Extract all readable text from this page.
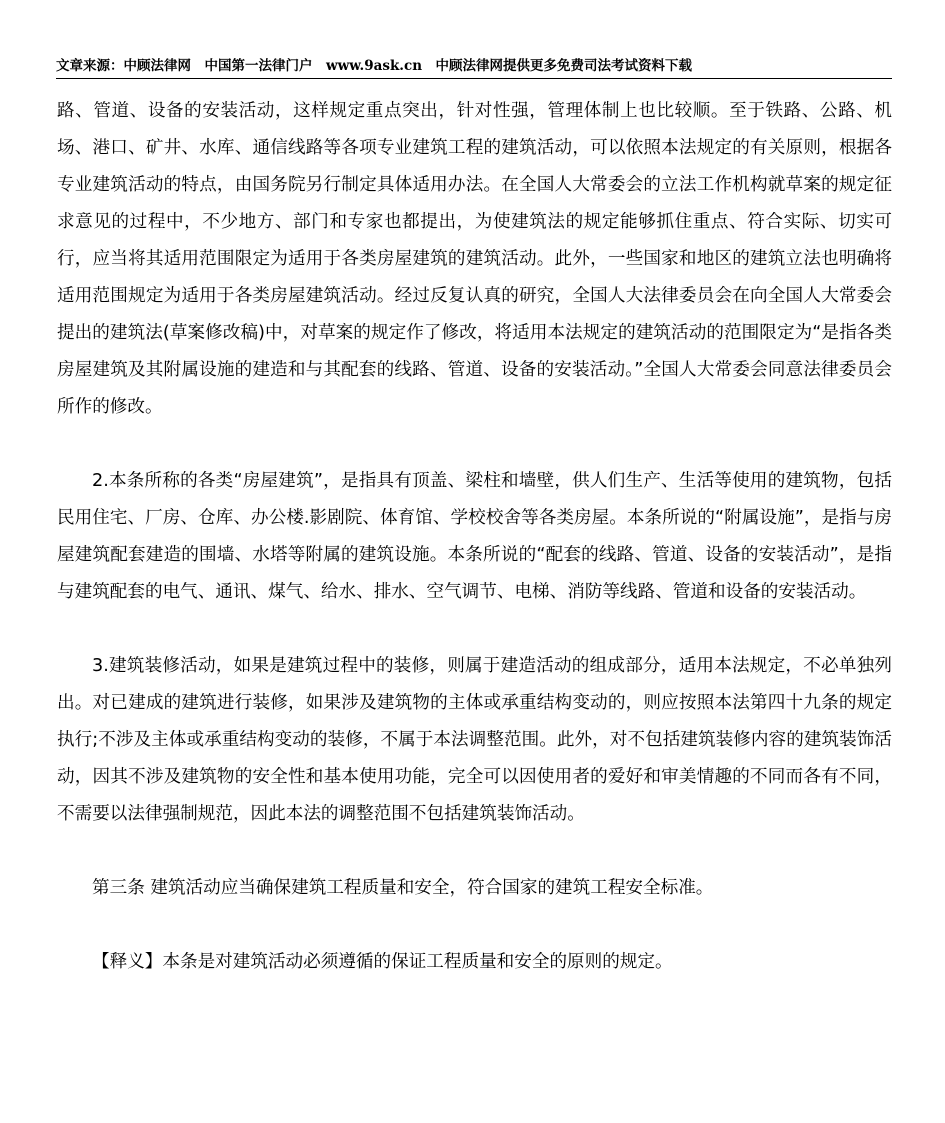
文章来源：中顾法律网　中国第一法律门户　www.9ask.cn　中顾法律网提供更多免费司法考试资料下载

路、管道、设备的安装活动，这样规定重点突出，针对性强，管理体制上也比较顺。至于铁路、公路、机场、港口、矿井、水库、通信线路等各项专业建筑工程的建筑活动，可以依照本法规定的有关原则，根据各专业建筑活动的特点，由国务院另行制定具体适用办法。在全国人大常委会的立法工作机构就草案的规定征求意见的过程中，不少地方、部门和专家也都提出，为使建筑法的规定能够抓住重点、符合实际、切实可行，应当将其适用范围限定为适用于各类房屋建筑的建筑活动。此外，一些国家和地区的建筑立法也明确将适用范围规定为适用于各类房屋建筑活动。经过反复认真的研究，全国人大法律委员会在向全国人大常委会提出的建筑法(草案修改稿)中，对草案的规定作了修改，将适用本法规定的建筑活动的范围限定为“是指各类房屋建筑及其附属设施的建造和与其配套的线路、管道、设备的安装活动。”全国人大常委会同意法律委员会所作的修改。

2.本条所称的各类“房屋建筑”，是指具有顶盖、梁柱和墙壁，供人们生产、生活等使用的建筑物，包括民用住宅、厂房、仓库、办公楼.影剧院、体育馆、学校校舍等各类房屋。本条所说的“附属设施”，是指与房屋建筑配套建造的围墙、水塔等附属的建筑设施。本条所说的“配套的线路、管道、设备的安装活动”，是指与建筑配套的电气、通讯、煤气、给水、排水、空气调节、电梯、消防等线路、管道和设备的安装活动。

3.建筑装修活动，如果是建筑过程中的装修，则属于建造活动的组成部分，适用本法规定，不必单独列出。对已建成的建筑进行装修，如果涉及建筑物的主体或承重结构变动的，则应按照本法第四十九条的规定执行;不涉及主体或承重结构变动的装修，不属于本法调整范围。此外，对不包括建筑装修内容的建筑装饰活动，因其不涉及建筑物的安全性和基本使用功能，完全可以因使用者的爱好和审美情趣的不同而各有不同，不需要以法律强制规范，因此本法的调整范围不包括建筑装饰活动。

第三条 建筑活动应当确保建筑工程质量和安全，符合国家的建筑工程安全标准。

【释义】本条是对建筑活动必须遵循的保证工程质量和安全的原则的规定。
